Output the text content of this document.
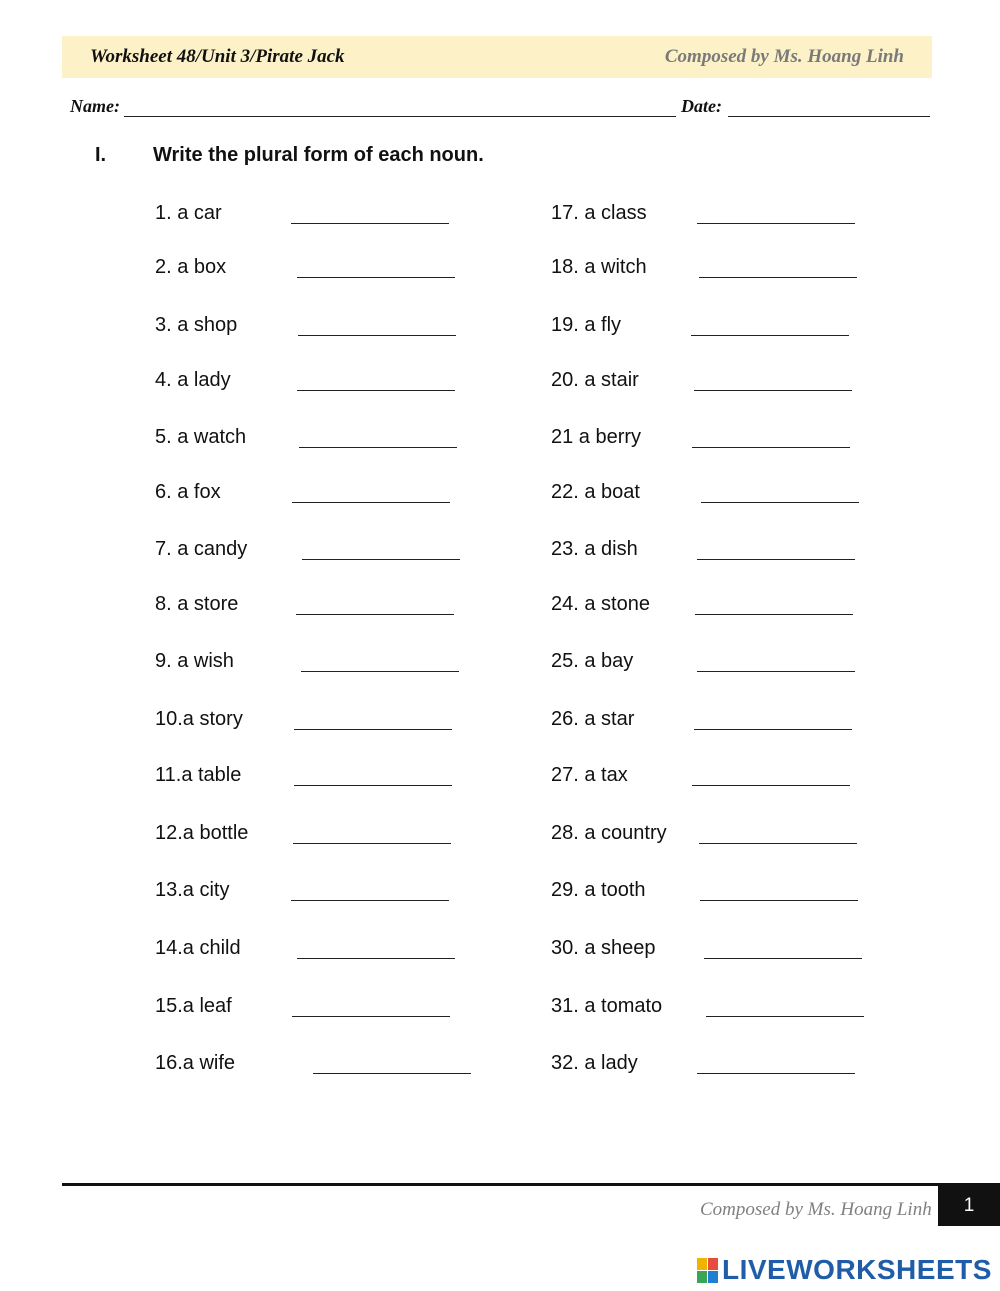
Worksheet 48/Unit 3/Pirate Jack	Composed by Ms. Hoang Linh
Name:	Date:
I. Write the plural form of each noun.
1. a car
2. a box
3. a shop
4. a lady
5. a watch
6. a fox
7. a candy
8. a store
9. a wish
10.a story
11.a table
12.a bottle
13.a city
14.a child
15.a leaf
16.a wife
17. a class
18. a witch
19. a fly
20. a stair
21 a berry
22. a boat
23. a dish
24. a stone
25. a bay
26. a star
27. a tax
28. a country
29. a tooth
30. a sheep
31. a tomato
32. a lady
Composed by Ms. Hoang Linh	1
LIVEWORKSHEETS
